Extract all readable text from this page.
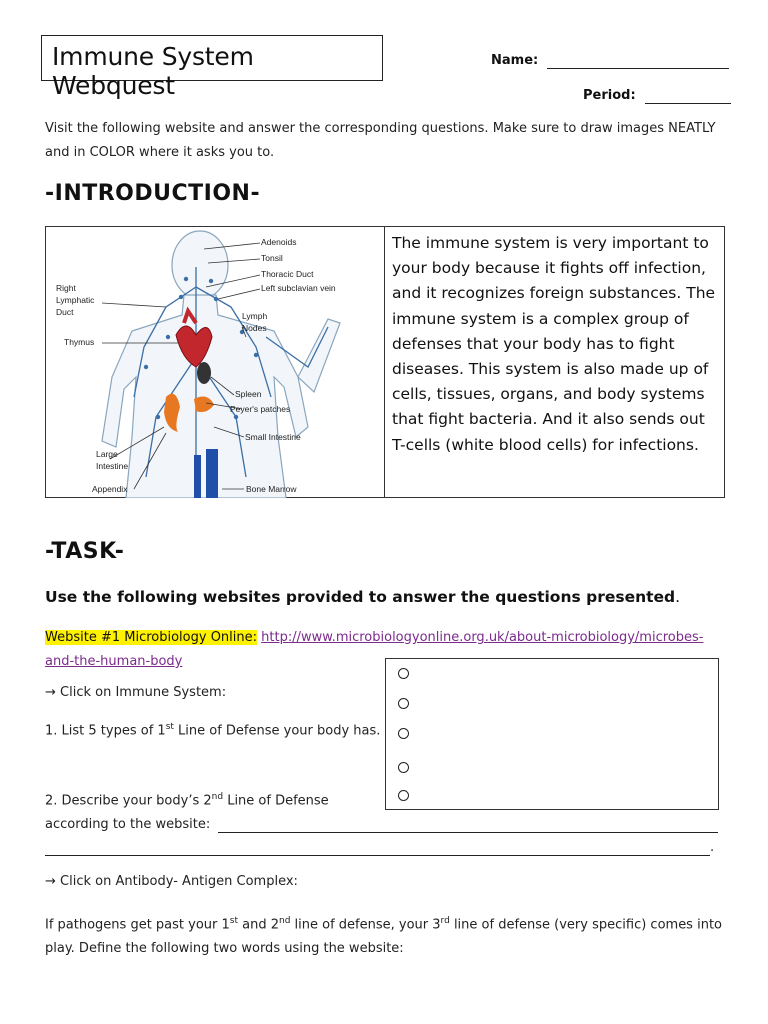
Immune System Webquest
Name:
Period:
Visit the following website and answer the corresponding questions. Make sure to draw images NEATLY
and in COLOR where it asks you to.
-INTRODUCTION-
Adenoids
Tonsil
Thoracic Duct
Left subclavian vein
Right
Lymphatic
Duct
Thymus
Lymph
Nodes
Spleen
Peyer's patches
Small Intestine
Large
Intestine
Appendix	Bone Marrow
The immune system is very important to your body because it fights off infection, and it recognizes foreign substances. The immune system is a complex group of defenses that your body has to fight diseases. This system is also made up of cells, tissues, organs, and body systems that fight bacteria. And it also sends out T-cells (white blood cells) for infections.
-TASK-
Use the following websites provided to answer the questions presented.
Website #1 Microbiology Online: http://www.microbiologyonline.org.uk/about-microbiology/microbes-
and-the-human-body
→ Click on Immune System:
1. List 5 types of 1st Line of Defense your body has.
2. Describe your body’s 2nd Line of Defense
according to the website:
.
→ Click on Antibody- Antigen Complex:
If pathogens get past your 1st and 2nd line of defense, your 3rd line of defense (very specific) comes into
play. Define the following two words using the website:
